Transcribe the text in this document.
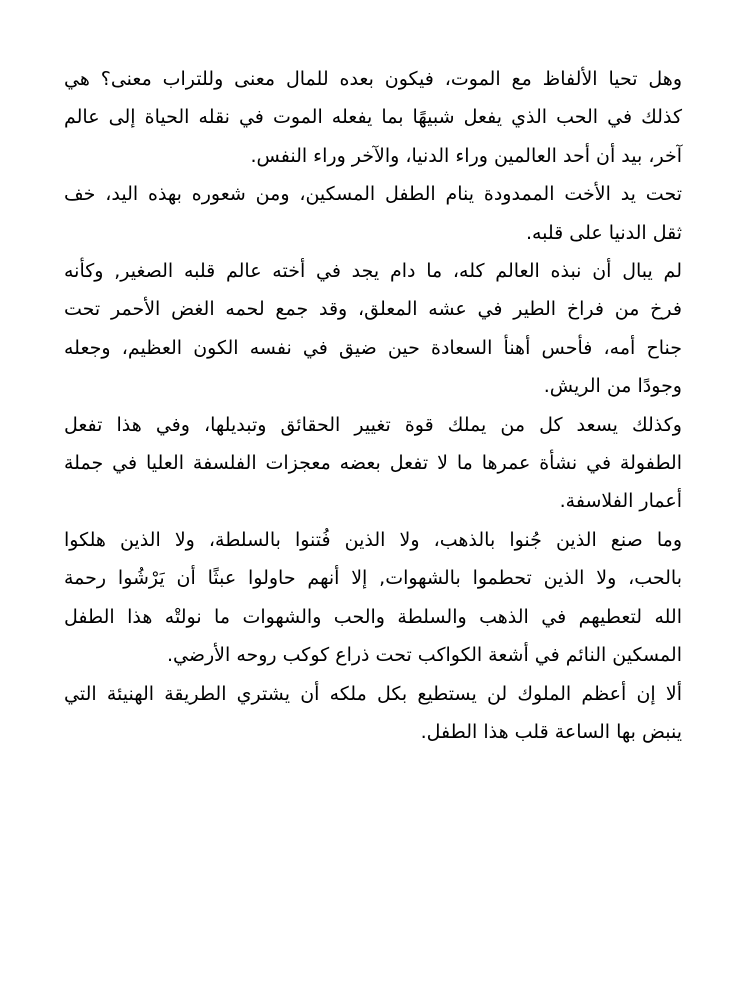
وهل تحيا الألفاظ مع الموت، فيكون بعده للمال معنى وللتراب معنى؟ هي
كذلك في الحب الذي يفعل شبيهًا بما يفعله الموت في نقله الحياة إلى عالم
آخر، بيد أن أحد العالمين وراء الدنيا، والآخر وراء النفس.

تحت يد الأخت الممدودة ينام الطفل المسكين، ومن شعوره بهذه اليد، خف
ثقل الدنيا على قلبه.

لم يبال أن نبذه العالم كله، ما دام يجد في أخته عالم قلبه الصغير, وكأنه
فرخ من فراخ الطير في عشه المعلق، وقد جمع لحمه الغض الأحمر تحت
جناح أمه، فأحس أهنأ السعادة حين ضيق في نفسه الكون العظيم، وجعله
وجودًا من الريش.

وكذلك يسعد كل من يملك قوة تغيير الحقائق وتبديلها، وفي هذا تفعل
الطفولة في نشأة عمرها ما لا تفعل بعضه معجزات الفلسفة العليا في جملة
أعمار الفلاسفة.

وما صنع الذين جُنوا بالذهب، ولا الذين فُتنوا بالسلطة، ولا الذين هلكوا
بالحب، ولا الذين تحطموا بالشهوات, إلا أنهم حاولوا عبثًا أن يَرْشُوا رحمة
الله لتعطيهم في الذهب والسلطة والحب والشهوات ما نولتْه هذا الطفل
المسكين النائم في أشعة الكواكب تحت ذراع كوكب روحه الأرضي.

ألا إن أعظم الملوك لن يستطيع بكل ملكه أن يشتري الطريقة الهنيئة التي
ينبض بها الساعة قلب هذا الطفل.
